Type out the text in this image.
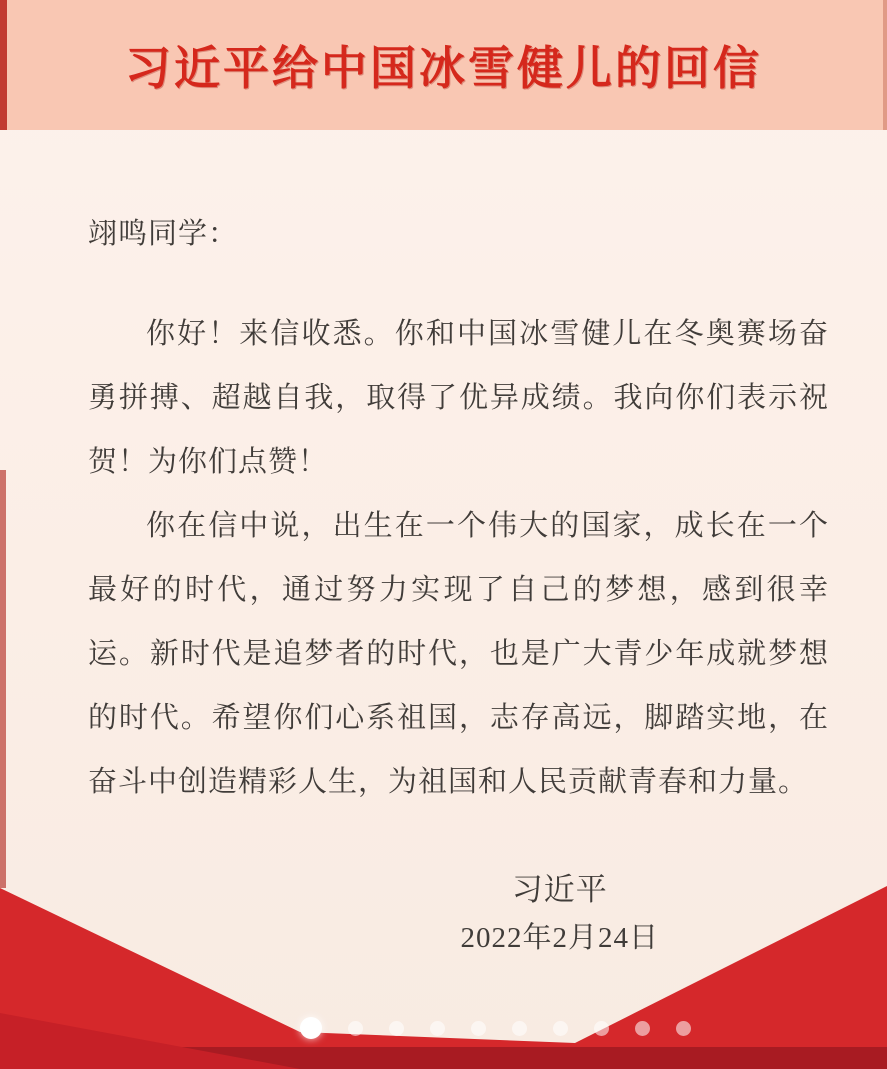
习近平给中国冰雪健儿的回信

翊鸣同学：

你好！来信收悉。你和中国冰雪健儿在冬奥赛场奋勇拼搏、超越自我，取得了优异成绩。我向你们表示祝贺！为你们点赞！

你在信中说，出生在一个伟大的国家，成长在一个最好的时代，通过努力实现了自己的梦想，感到很幸运。新时代是追梦者的时代，也是广大青少年成就梦想的时代。希望你们心系祖国，志存高远，脚踏实地，在奋斗中创造精彩人生，为祖国和人民贡献青春和力量。

习近平
2022年2月24日
